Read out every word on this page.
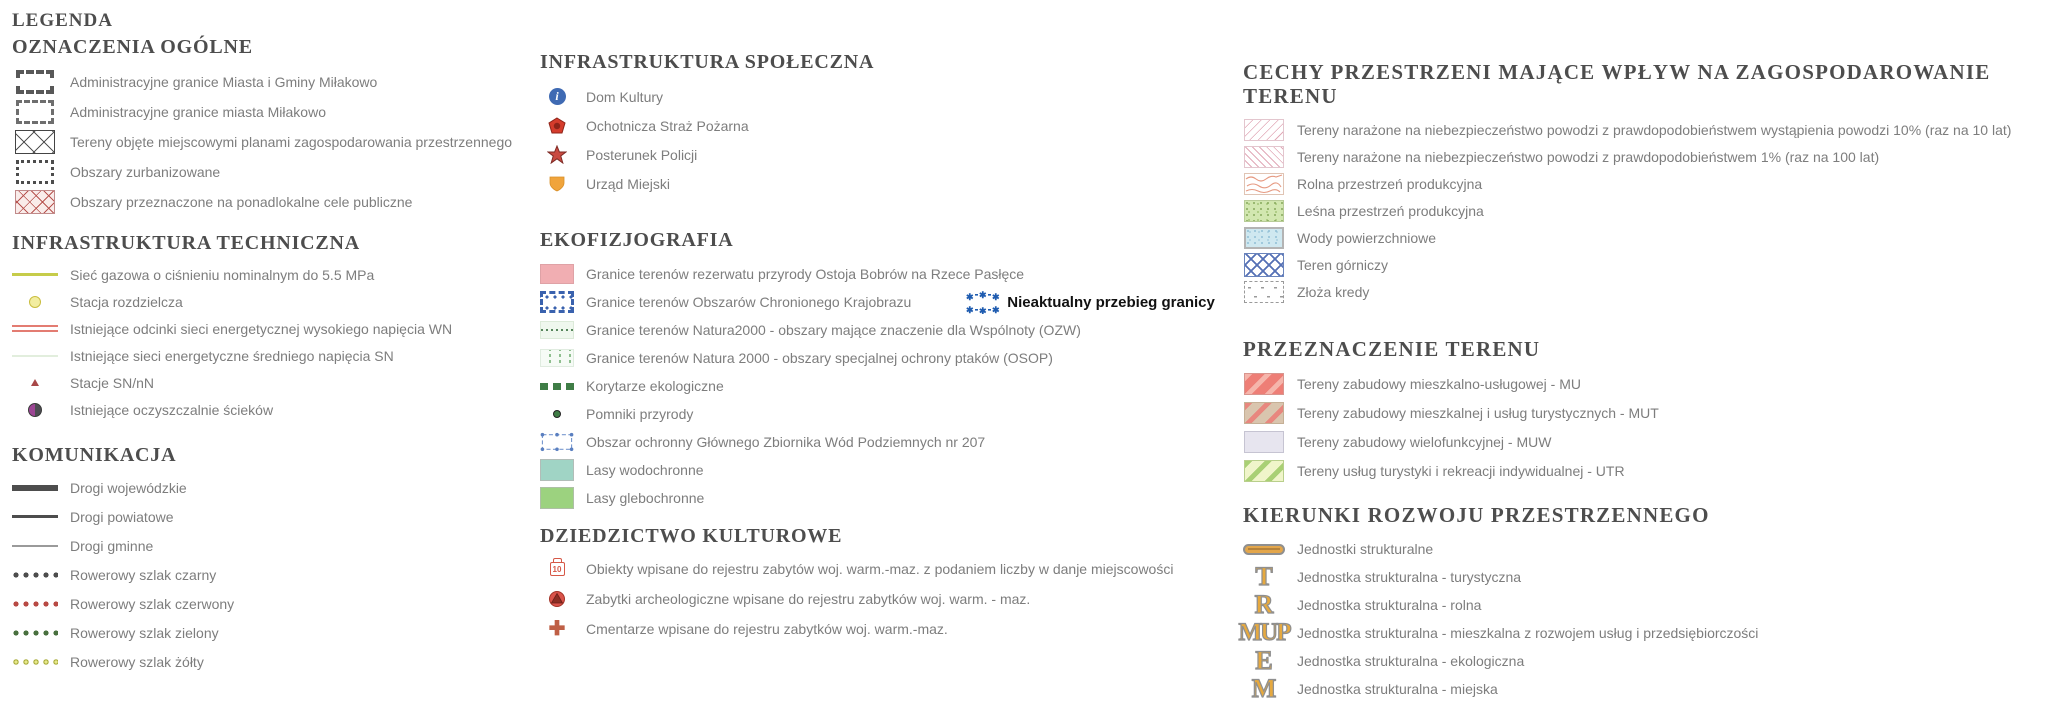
LEGENDA
OZNACZENIA OGÓLNE
Administracyjne granice Miasta i Gminy Miłakowo
Administracyjne granice miasta Miłakowo
Tereny objęte miejscowymi planami zagospodarowania przestrzennego
Obszary zurbanizowane
Obszary przeznaczone na ponadlokalne cele publiczne
INFRASTRUKTURA TECHNICZNA
Sieć gazowa o ciśnieniu nominalnym do 5.5 MPa
Stacja rozdzielcza
Istniejące odcinki sieci energetycznej wysokiego napięcia WN
Istniejące sieci energetyczne średniego napięcia SN
Stacje SN/nN
Istniejące oczyszczalnie ścieków
KOMUNIKACJA
Drogi wojewódzkie
Drogi powiatowe
Drogi gminne
Rowerowy szlak czarny
Rowerowy szlak czerwony
Rowerowy szlak zielony
Rowerowy szlak żółty
INFRASTRUKTURA SPOŁECZNA
i	Dom Kultury
Ochotnicza Straż Pożarna
Posterunek Policji
Urząd Miejski
EKOFIZJOGRAFIA
Granice terenów rezerwatu przyrody Ostoja Bobrów na Rzece Pasłęce
Granice terenów Obszarów Chronionego Krajobrazu	✱ ✱ ✱
✱ ✱ ✱ Nieaktualny przebieg granicy
Granice terenów Natura2000 - obszary mające znaczenie dla Wspólnoty (OZW)
Granice terenów Natura 2000 - obszary specjalnej ochrony ptaków (OSOP)
Korytarze ekologiczne
Pomniki przyrody
Obszar ochronny Głównego Zbiornika Wód Podziemnych nr 207
Lasy wodochronne
Lasy glebochronne
DZIEDZICTWO KULTUROWE
10 Obiekty wpisane do rejestru zabytów woj. warm.-maz. z podaniem liczby w danje miejscowości
Zabytki archeologiczne wpisane do rejestru zabytków woj. warm. - maz.
✚ Cmentarze wpisane do rejestru zabytków woj. warm.-maz.
CECHY PRZESTRZENI MAJĄCE WPŁYW NA ZAGOSPODAROWANIE TERENU
Tereny narażone na niebezpieczeństwo powodzi z prawdopodobieństwem wystąpienia powodzi 10% (raz na 10 lat)
Tereny narażone na niebezpieczeństwo powodzi z prawdopodobieństwem 1% (raz na 100 lat)
Rolna przestrzeń produkcyjna
Leśna przestrzeń produkcyjna
Wody powierzchniowe
Teren górniczy
Złoża kredy
PRZEZNACZENIE TERENU
Tereny zabudowy mieszkalno-usługowej - MU
Tereny zabudowy mieszkalnej i usług turystycznych - MUT
Tereny zabudowy wielofunkcyjnej - MUW
Tereny usług turystyki i rekreacji indywidualnej - UTR
KIERUNKI ROZWOJU PRZESTRZENNEGO
Jednostki strukturalne
T Jednostka strukturalna - turystyczna
R Jednostka strukturalna - rolna
MUP Jednostka strukturalna - mieszkalna z rozwojem usług i przedsiębiorczości
E Jednostka strukturalna - ekologiczna
M Jednostka strukturalna - miejska
